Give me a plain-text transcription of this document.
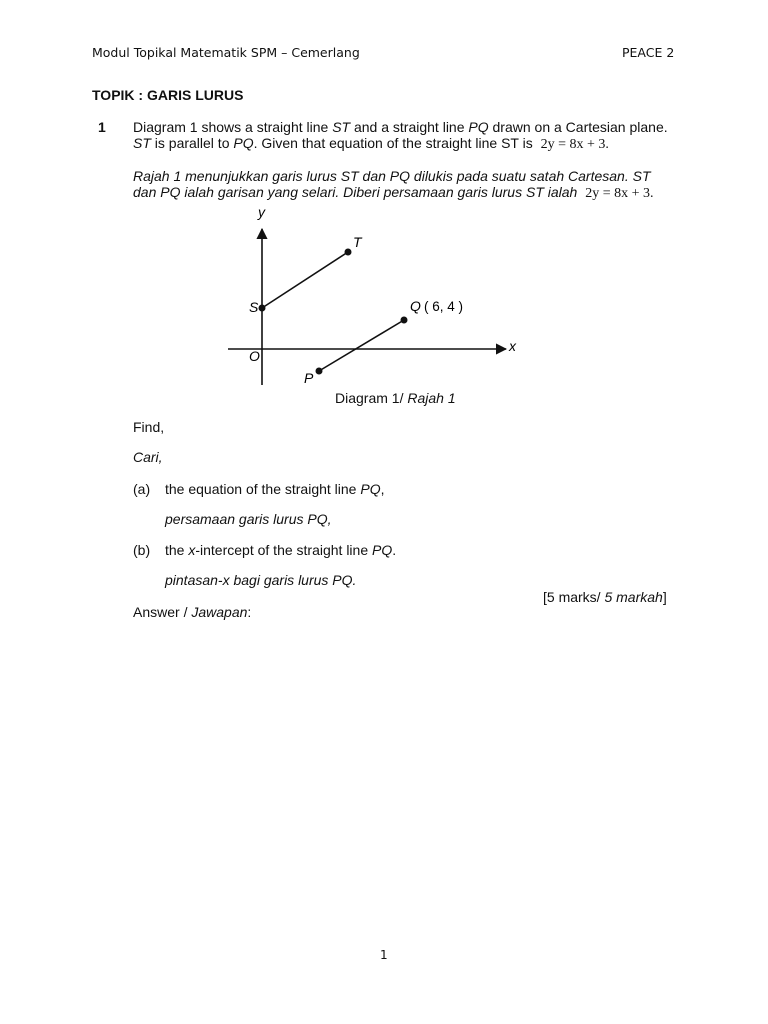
Modul Topikal Matematik SPM – Cemerlang	PEACE 2
TOPIK : GARIS LURUS
1 Diagram 1 shows a straight line ST and a straight line PQ drawn on a Cartesian plane.
ST is parallel to PQ. Given that equation of the straight line ST is 2y = 8x + 3.
Rajah 1 menunjukkan garis lurus ST dan PQ dilukis pada suatu satah Cartesan. ST
dan PQ ialah garisan yang selari. Diberi persamaan garis lurus ST ialah 2y = 8x + 3.
y
x
O
S
T
Q ( 6, 4 )
P
Diagram 1/ Rajah 1
Find,
Cari,
(a) the equation of the straight line PQ,
persamaan garis lurus PQ,
(b) the x-intercept of the straight line PQ.
pintasan-x bagi garis lurus PQ.
[5 marks/ 5 markah]
Answer / Jawapan:
1
